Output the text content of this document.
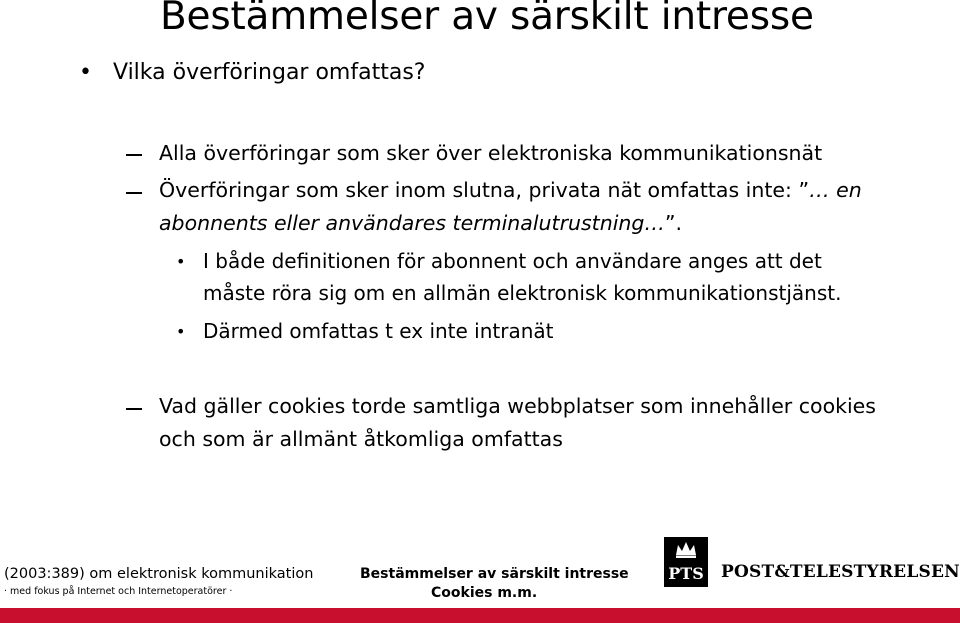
Bestämmelser av särskilt intresse
• Vilka överföringar omfattas?
Alla överföringar som sker över elektroniska kommunikationsnät
Överföringar som sker inom slutna, privata nät omfattas inte: ”… en
abonnents eller användares terminalutrustning…”.
• I både definitionen för abonnent och användare anges att det
måste röra sig om en allmän elektronisk kommunikationstjänst.
• Därmed omfattas t ex inte intranät
Vad gäller cookies torde samtliga webbplatser som innehåller cookies
och som är allmänt åtkomliga omfattas
(2003:389) om elektronisk kommunikation
· med fokus på Internet och Internetoperatörer ·
Bestämmelser av särskilt intresse
Cookies m.m.
PTS POST&TELESTYRELSEN
